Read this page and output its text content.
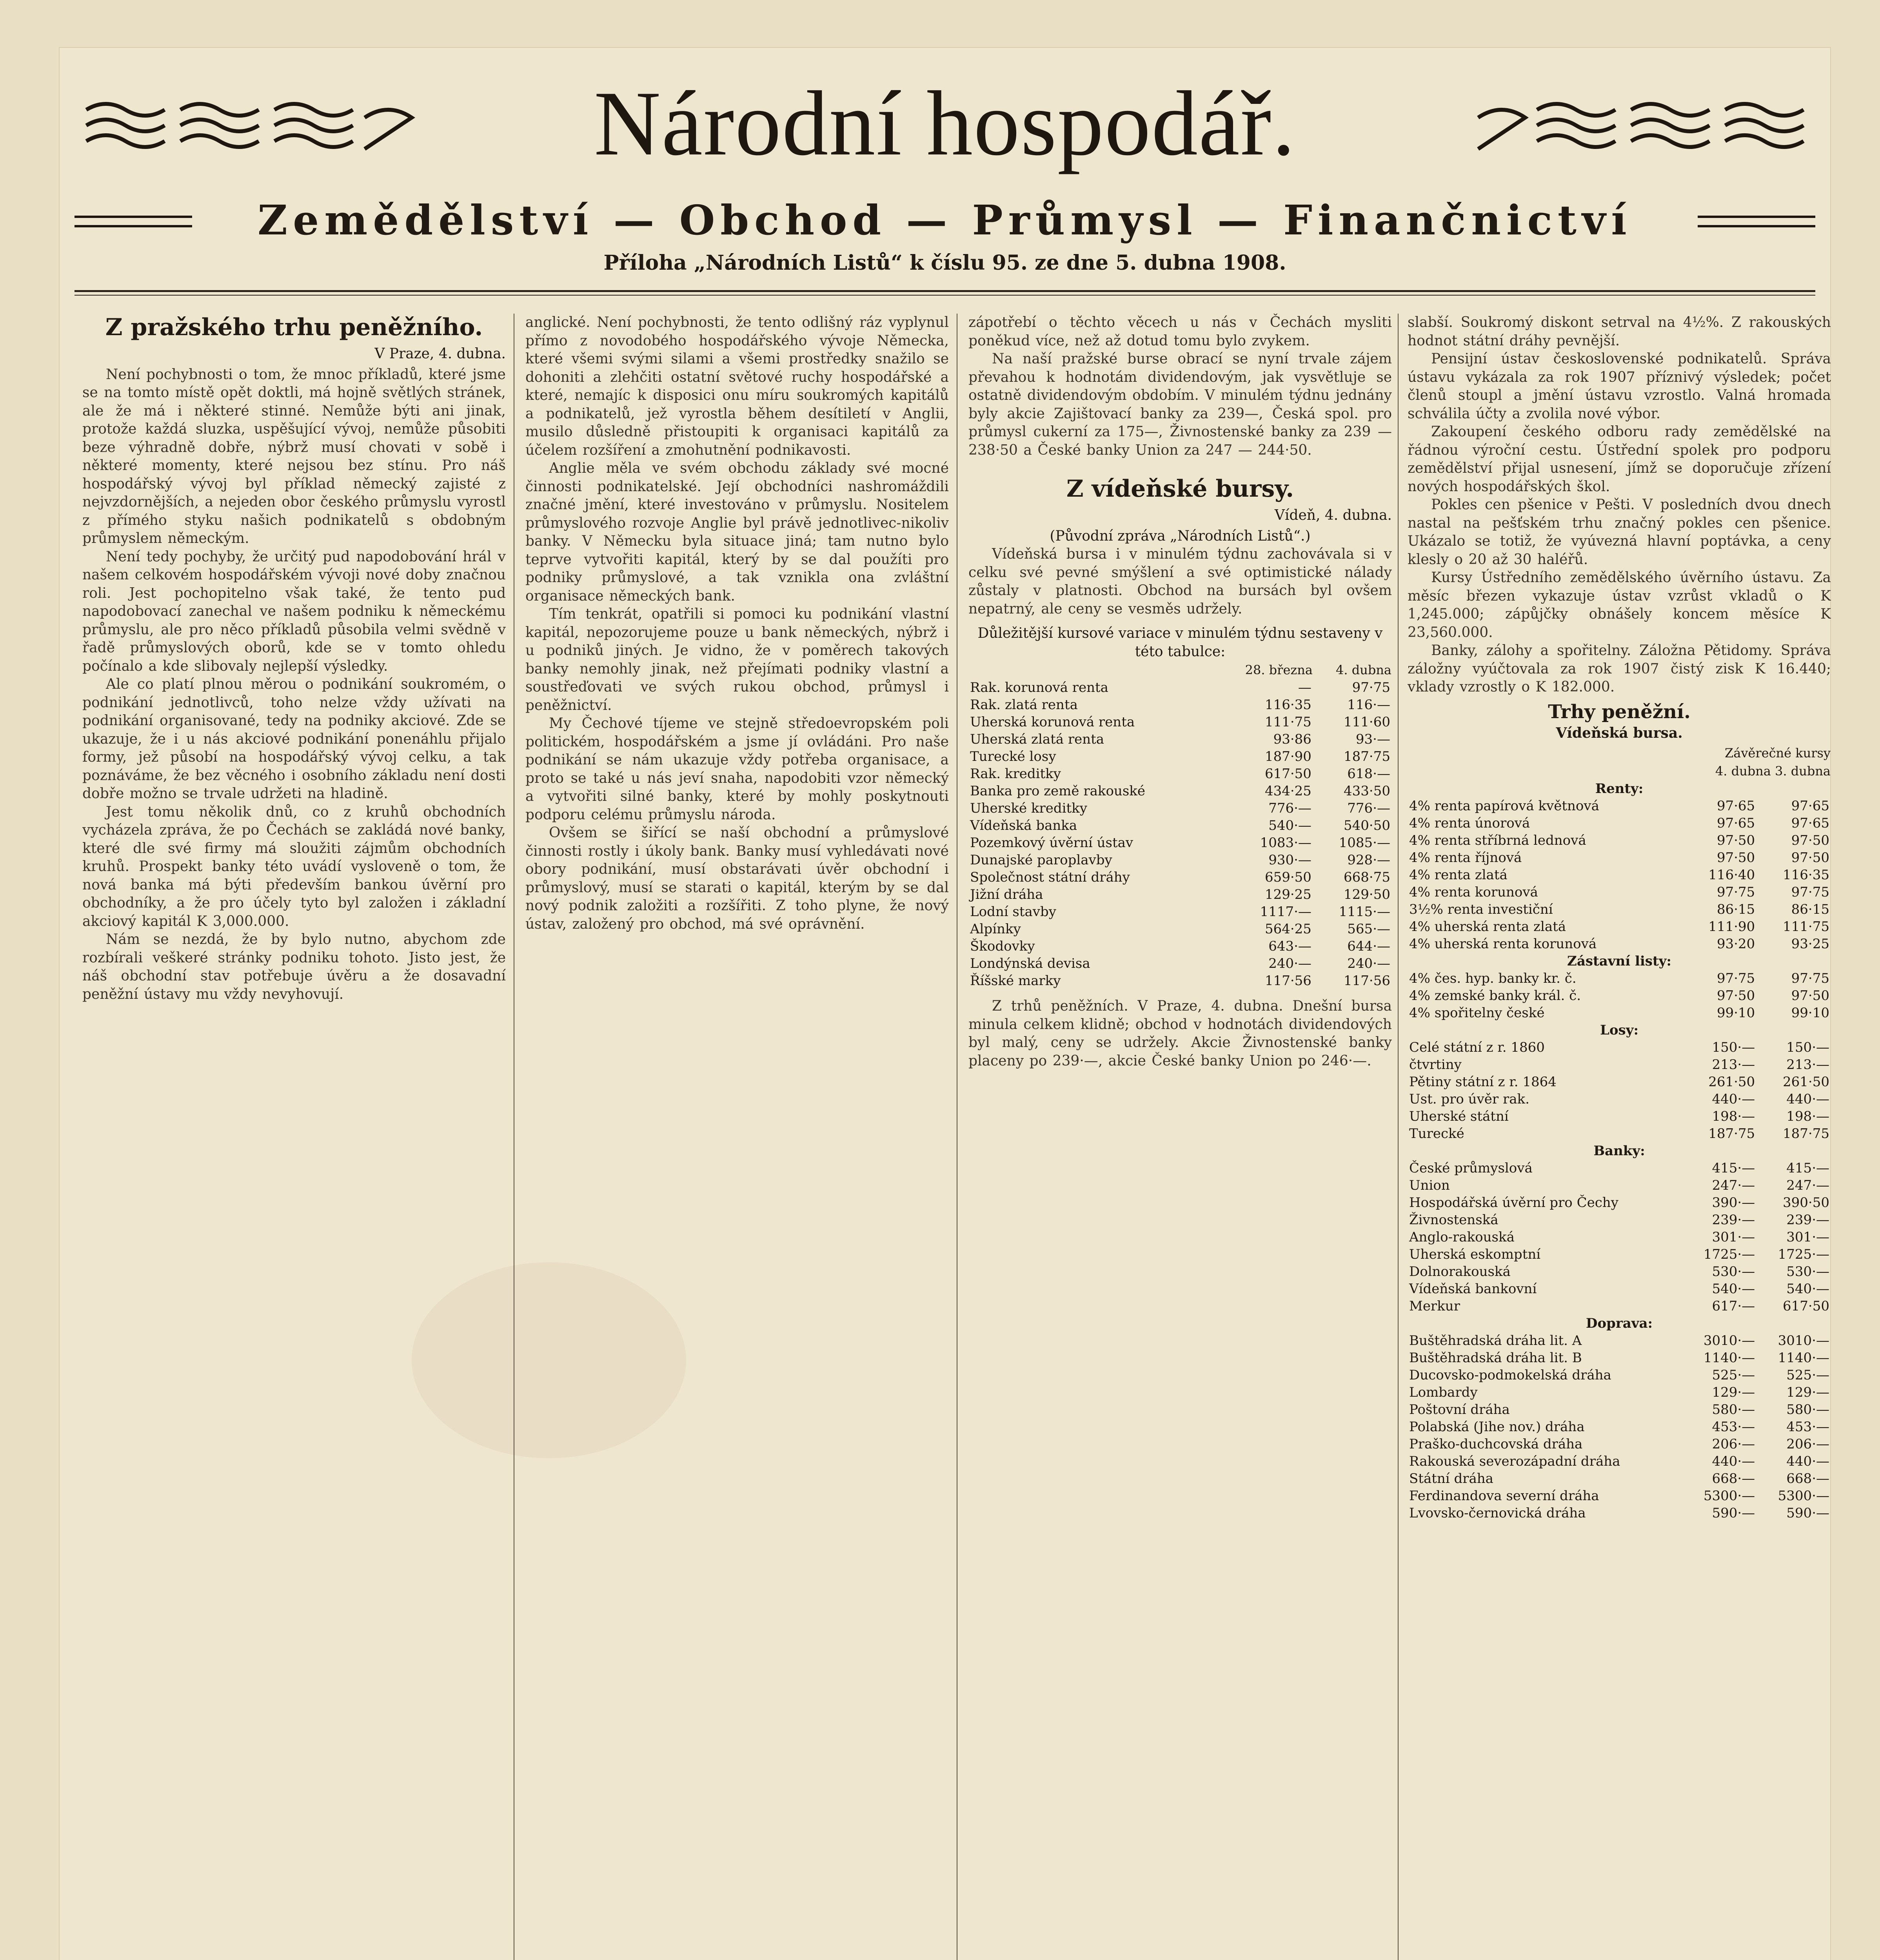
Národní hospodář.
Zemědělství — Obchod — Průmysl — Finančnictví
Příloha „Národních Listů“ k číslu 95. ze dne 5. dubna 1908.
Z pražského trhu peněžního.
V Praze, 4. dubna.

Není pochybnosti o tom, že mnoc příkladů, které jsme se na tomto místě opět doktli, má hojně světlých stránek, ale že má i některé stinné. Nemůže býti ani jinak, protože každá sluzka, uspěšující vývoj, nemůže působiti beze výhradně dobře, nýbrž musí chovati v sobě i některé momenty, které nejsou bez stínu. Pro náš hospodářský vývoj byl příklad německý zajisté z nejvzdornějších, a nejeden obor českého průmyslu vyrostl z přímého styku našich podnikatelů s obdobným průmyslem německým.

Není tedy pochyby, že určitý pud napodobování hrál v našem celkovém hospodářském vývoji nové doby značnou roli. Jest pochopitelno však také, že tento pud napodobovací zanechal ve našem podniku k německému průmyslu, ale pro něco příkladů působila velmi svědně v řadě průmyslových oborů, kde se v tomto ohledu počínalo a kde slibovaly nejlepší výsledky.

Ale co platí plnou měrou o podnikání soukromém, o podnikání jednotlivců, toho nelze vždy užívati na podnikání organisované, tedy na podniky akciové. Zde se ukazuje, že i u nás akciové podnikání ponenáhlu přijalo formy, jež působí na hospodářský vývoj celku, a tak poznáváme, že bez věcného i osobního základu není dosti dobře možno se trvale udržeti na hladině.

Jest tomu několik dnů, co z kruhů obchodních vycházela zpráva, že po Čechách se zakládá nové banky, které dle své firmy má sloužiti zájmům obchodních kruhů. Prospekt banky této uvádí vysloveně o tom, že nová banka má býti především bankou úvěrní pro obchodníky, a že pro účely tyto byl založen i základní akciový kapitál K 3,000.000.

Nám se nezdá, že by bylo nutno, abychom zde rozbírali veškeré stránky podniku tohoto. Jisto jest, že náš obchodní stav potřebuje úvěru a že dosavadní peněžní ústavy mu vždy nevyhovují.

anglické. Není pochybnosti, že tento odlišný ráz vyplynul přímo z novodobého hospodářského vývoje Německa, které všemi svými silami a všemi prostředky snažilo se dohoniti a zlehčiti ostatní světové ruchy hospodářské a které, nemajíc k disposici onu míru soukromých kapitálů a podnikatelů, jež vyrostla během desítiletí v Anglii, musilo důsledně přistoupiti k organisaci kapitálů za účelem rozšíření a zmohutnění podnikavosti.

Anglie měla ve svém obchodu základy své mocné činnosti podnikatelské. Její obchodníci nashromáždili značné jmění, které investováno v průmyslu. Nositelem průmyslového rozvoje Anglie byl právě jednotlivec-nikoliv banky. V Německu byla situace jiná; tam nutno bylo teprve vytvořiti kapitál, který by se dal použíti pro podniky průmyslové, a tak vznikla ona zvláštní organisace německých bank.

Tím tenkrát, opatřili si pomoci ku podnikání vlastní kapitál, nepozorujeme pouze u bank německých, nýbrž i u podniků jiných. Je vidno, že v poměrech takových banky nemohly jinak, než přejímati podniky vlastní a soustřeďovati ve svých rukou obchod, průmysl i peněžnictví.

My Čechové tíjeme ve stejně středoevropském poli politickém, hospodářském a jsme jí ovládáni. Pro naše podnikání se nám ukazuje vždy potřeba organisace, a proto se také u nás jeví snaha, napodobiti vzor německý a vytvořiti silné banky, které by mohly poskytnouti podporu celému průmyslu národa.

Ovšem se šiřící se naší obchodní a průmyslové činnosti rostly i úkoly bank. Banky musí vyhledávati nové obory podnikání, musí obstarávati úvěr obchodní i průmyslový, musí se starati o kapitál, kterým by se dal nový podnik založiti a rozšířiti. Z toho plyne, že nový ústav, založený pro obchod, má své oprávnění.

zápotřebí o těchto věcech u nás v Čechách mysliti poněkud více, než až dotud tomu bylo zvykem.

Na naší pražské burse obrací se nyní trvale zájem převahou k hodnotám dividendovým, jak vysvětluje se ostatně dividendovým obdobím. V minulém týdnu jednány byly akcie Zajištovací banky za 239—, Česká spol. pro průmysl cukerní za 175—, Živnostenské banky za 239 — 238·50 a České banky Union za 247 — 244·50.

Z vídeňské bursy.
Vídeň, 4. dubna.
(Původní zpráva „Národních Listů“.)

Vídeňská bursa i v minulém týdnu zachovávala si v celku své pevné smýšlení a své optimistické nálady zůstaly v platnosti. Obchod na bursách byl ovšem nepatrný, ale ceny se vesměs udržely.

Důležitější kursové variace v minulém týdnu sestaveny v této tabulce:
	28. března	4. dubna
Rak. korunová renta	—	97·75
Rak. zlatá renta	116·35	116·—
Uherská korunová renta	111·75	111·60
Uherská zlatá renta	93·86	93·—
Turecké losy	187·90	187·75
Rak. kreditky	617·50	618·—
Banka pro země rakouské	434·25	433·50
Uherské kreditky	776·—	776·—
Vídeňská banka	540·—	540·50
Pozemkový úvěrní ústav	1083·—	1085·—
Dunajské paroplavby	930·—	928·—
Společnost státní dráhy	659·50	668·75
Jižní dráha	129·25	129·50
Lodní stavby	1117·—	1115·—
Alpínky	564·25	565·—
Škodovky	643·—	644·—
Londýnská devisa	240·—	240·—
Říšské marky	117·56	117·56

Z trhů peněžních. V Praze, 4. dubna. Dnešní bursa minula celkem klidně; obchod v hodnotách dividendových byl malý, ceny se udržely. Akcie Živnostenské banky placeny po 239·—, akcie České banky Union po 246·—.

slabší. Soukromý diskont setrval na 4½%. Z rakouských hodnot státní dráhy pevnější.

Pensijní ústav československé podnikatelů. Správa ústavu vykázala za rok 1907 příznivý výsledek; počet členů stoupl a jmění ústavu vzrostlo. Valná hromada schválila účty a zvolila nové výbor.

Zakoupení českého odboru rady zemědělské na řádnou výroční cestu. Ústřední spolek pro podporu zemědělství přijal usnesení, jímž se doporučuje zřízení nových hospodářských škol.

Pokles cen pšenice v Pešti. V posledních dvou dnech nastal na pešťském trhu značný pokles cen pšenice. Ukázalo se totiž, že vyúvezná hlavní poptávka, a ceny klesly o 20 až 30 haléřů.

Kursy Ústředního zemědělského úvěrního ústavu. Za měsíc březen vykazuje ústav vzrůst vkladů o K 1,245.000; zápůjčky obnášely koncem měsíce K 23,560.000.

Banky, zálohy a spořitelny. Záložna Pětidomy. Správa záložny vyúčtovala za rok 1907 čistý zisk K 16.440; vklady vzrostly o K 182.000.

Trhy peněžní.
Vídeňská bursa.
	Závěrečné kursy	
	4. dubna 3. dubna	
Renty:		
4% renta papírová květnová	97·65	97·65
4% renta únorová	97·65	97·65
4% renta stříbrná lednová	97·50	97·50
4% renta říjnová	97·50	97·50
4% renta zlatá	116·40	116·35
4% renta korunová	97·75	97·75
3½% renta investiční	86·15	86·15
4% uherská renta zlatá	111·90	111·75
4% uherská renta korunová	93·20	93·25
Zástavní listy:		
4% čes. hyp. banky kr. č.	97·75	97·75
4% zemské banky král. č.	97·50	97·50
4% spořitelny české	99·10	99·10
Losy:		
Celé státní z r. 1860	150·—	150·—
čtvrtiny	213·—	213·—
Pětiny státní z r. 1864	261·50	261·50
Ust. pro úvěr rak.	440·—	440·—
Uherské státní	198·—	198·—
Turecké	187·75	187·75
Banky:		
České průmyslová	415·—	415·—
Union	247·—	247·—
Hospodářská úvěrní pro Čechy	390·—	390·50
Živnostenská	239·—	239·—
Anglo-rakouská	301·—	301·—
Uherská eskomptní	1725·—	1725·—
Dolnorakouská	530·—	530·—
Vídeňská bankovní	540·—	540·—
Merkur	617·—	617·50
Doprava:		
Buštěhradská dráha lit. A	3010·—	3010·—
Buštěhradská dráha lit. B	1140·—	1140·—
Ducovsko-podmokelská dráha	525·—	525·—
Lombardy	129·—	129·—
Poštovní dráha	580·—	580·—
Polabská (Jihe nov.) dráha	453·—	453·—
Praško-duchcovská dráha	206·—	206·—
Rakouská severozápadní dráha	440·—	440·—
Státní dráha	668·—	668·—
Ferdinandova severní dráha	5300·—	5300·—
Lvovsko-černovická dráha	590·—	590·—
